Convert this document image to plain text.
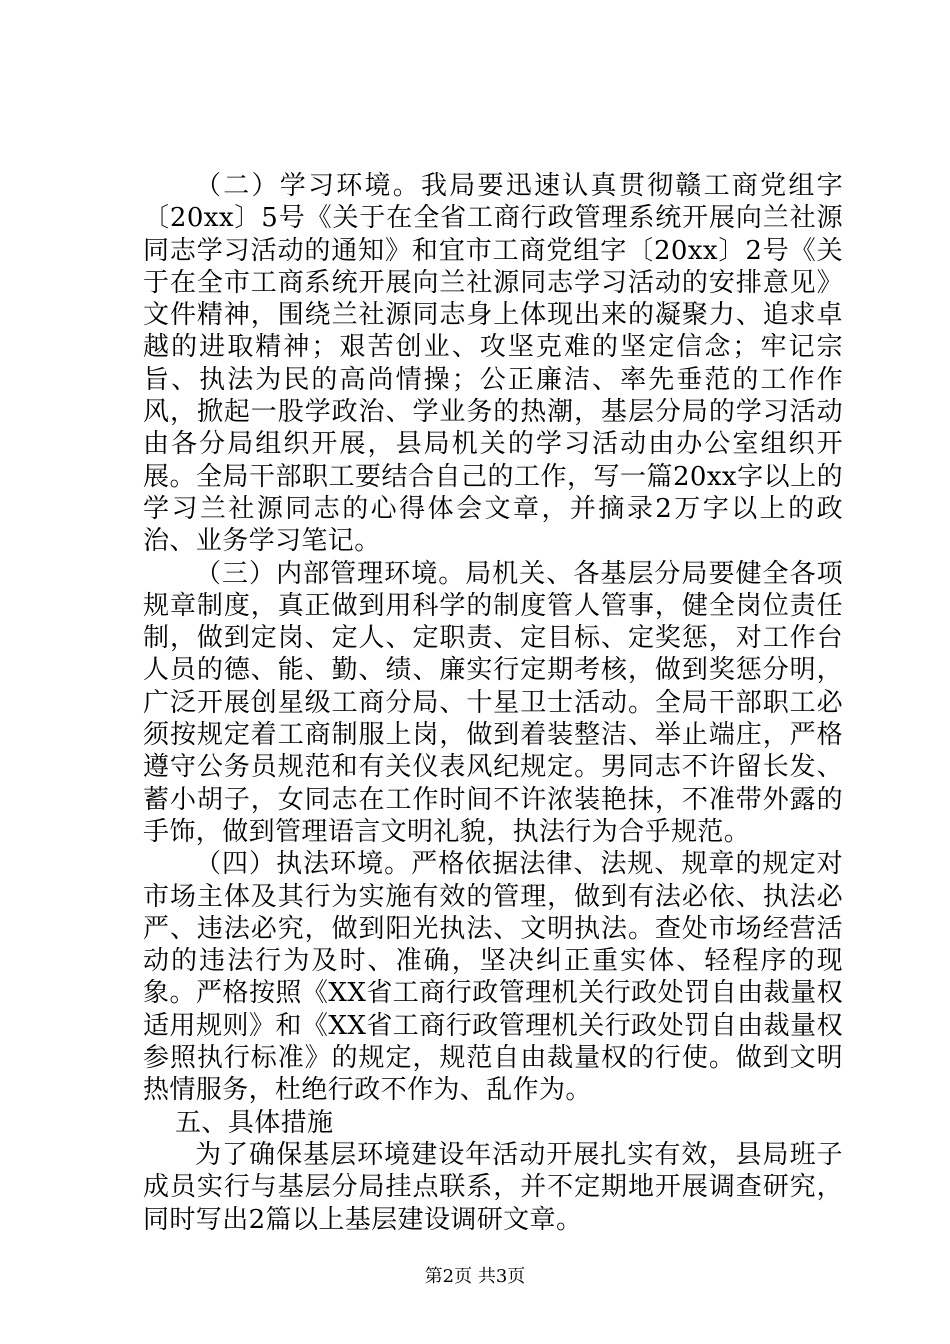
（二）学习环境。我局要迅速认真贯彻赣工商党组字〔20xx〕5号《关于在全省工商行政管理系统开展向兰社源同志学习活动的通知》和宜市工商党组字〔20xx〕2号《关于在全市工商系统开展向兰社源同志学习活动的安排意见》文件精神，围绕兰社源同志身上体现出来的凝聚力、追求卓越的进取精神；艰苦创业、攻坚克难的坚定信念；牢记宗旨、执法为民的高尚情操；公正廉洁、率先垂范的工作作风，掀起一股学政治、学业务的热潮，基层分局的学习活动由各分局组织开展，县局机关的学习活动由办公室组织开展。全局干部职工要结合自己的工作，写一篇20xx字以上的学习兰社源同志的心得体会文章，并摘录2万字以上的政治、业务学习笔记。

（三）内部管理环境。局机关、各基层分局要健全各项规章制度，真正做到用科学的制度管人管事，健全岗位责任制，做到定岗、定人、定职责、定目标、定奖惩，对工作台人员的德、能、勤、绩、廉实行定期考核，做到奖惩分明，广泛开展创星级工商分局、十星卫士活动。全局干部职工必须按规定着工商制服上岗，做到着装整洁、举止端庄，严格遵守公务员规范和有关仪表风纪规定。男同志不许留长发、蓄小胡子，女同志在工作时间不许浓装艳抹，不准带外露的手饰，做到管理语言文明礼貌，执法行为合乎规范。

（四）执法环境。严格依据法律、法规、规章的规定对市场主体及其行为实施有效的管理，做到有法必依、执法必严、违法必究，做到阳光执法、文明执法。查处市场经营活动的违法行为及时、准确，坚决纠正重实体、轻程序的现象。严格按照《XX省工商行政管理机关行政处罚自由裁量权适用规则》和《XX省工商行政管理机关行政处罚自由裁量权参照执行标准》的规定，规范自由裁量权的行使。做到文明热情服务，杜绝行政不作为、乱作为。

五、具体措施

为了确保基层环境建设年活动开展扎实有效，县局班子成员实行与基层分局挂点联系，并不定期地开展调查研究，同时写出2篇以上基层建设调研文章。

第2页 共3页
